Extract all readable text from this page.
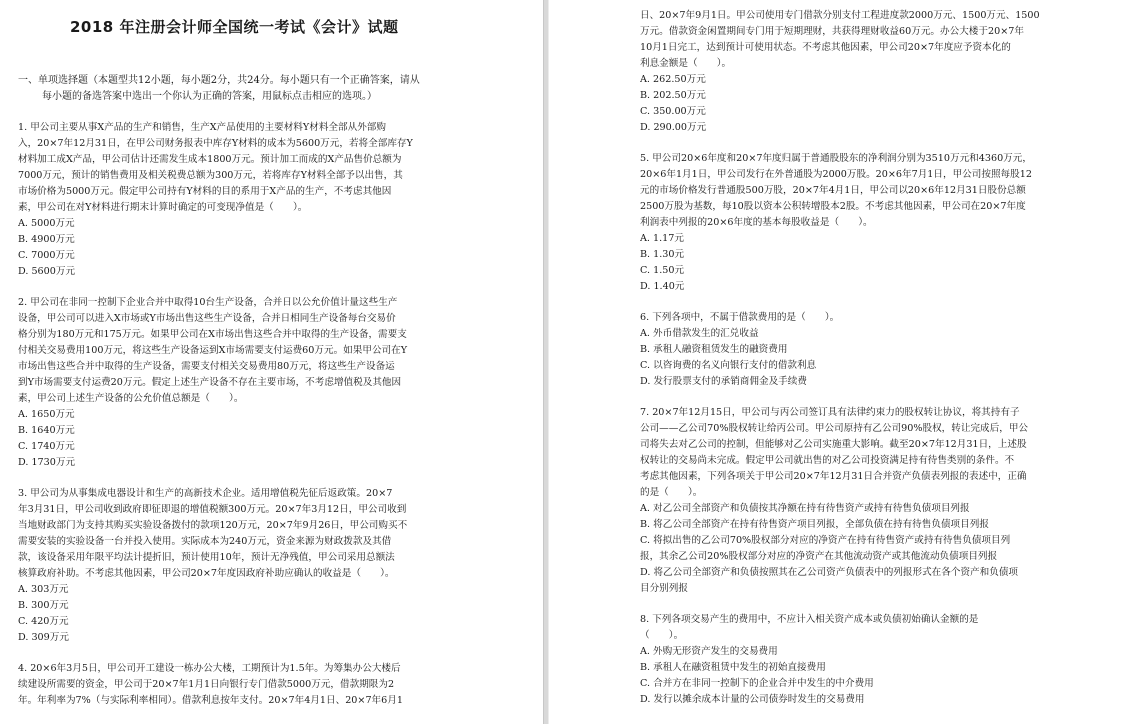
2018 年注册会计师全国统一考试《会计》试题
一、单项选择题（本题型共12小题，每小题2分，共24分。每小题只有一个正确答案，请从
每小题的备选答案中选出一个你认为正确的答案，用鼠标点击相应的选项。）
1. 甲公司主要从事X产品的生产和销售，生产X产品使用的主要材料Y材料全部从外部购
入，20×7年12月31日，在甲公司财务报表中库存Y材料的成本为5600万元，若将全部库存Y
材料加工成X产品，甲公司估计还需发生成本1800万元。预计加工而成的X产品售价总额为
7000万元，预计的销售费用及相关税费总额为300万元，若将库存Y材料全部予以出售，其
市场价格为5000万元。假定甲公司持有Y材料的目的系用于X产品的生产，不考虑其他因
素，甲公司在对Y材料进行期末计算时确定的可变现净值是（　　）。
A. 5000万元
B. 4900万元
C. 7000万元
D. 5600万元
2. 甲公司在非同一控制下企业合并中取得10台生产设备，合并日以公允价值计量这些生产
设备，甲公司可以进入X市场或Y市场出售这些生产设备，合并日相同生产设备每台交易价
格分别为180万元和175万元。如果甲公司在X市场出售这些合并中取得的生产设备，需要支
付相关交易费用100万元，将这些生产设备运到X市场需要支付运费60万元。如果甲公司在Y
市场出售这些合并中取得的生产设备，需要支付相关交易费用80万元，将这些生产设备运
到Y市场需要支付运费20万元。假定上述生产设备不存在主要市场，不考虑增值税及其他因
素，甲公司上述生产设备的公允价值总额是（　　）。
A. 1650万元
B. 1640万元
C. 1740万元
D. 1730万元
3. 甲公司为从事集成电器设计和生产的高新技术企业。适用增值税先征后返政策。20×7
年3月31日，甲公司收到政府即征即退的增值税额300万元。20×7年3月12日，甲公司收到
当地财政部门为支持其购买实验设备拨付的款项120万元，20×7年9月26日，甲公司购买不
需要安装的实验设备一台并投入使用。实际成本为240万元，资金来源为财政拨款及其借
款，该设备采用年限平均法计提折旧，预计使用10年，预计无净残值，甲公司采用总额法
核算政府补助。不考虑其他因素，甲公司20×7年度因政府补助应确认的收益是（　　）。
A. 303万元
B. 300万元
C. 420万元
D. 309万元
4. 20×6年3月5日，甲公司开工建设一栋办公大楼，工期预计为1.5年。为筹集办公大楼后
续建设所需要的资金，甲公司于20×7年1月1日向银行专门借款5000万元，借款期限为2
年。年利率为7%（与实际利率相同）。借款利息按年支付。20×7年4月1日、20×7年6月1
日、20×7年9月1日。甲公司使用专门借款分别支付工程进度款2000万元、1500万元、1500
万元。借款资金闲置期间专门用于短期理财，共获得理财收益60万元。办公大楼于20×7年
10月1日完工，达到预计可使用状态。不考虑其他因素，甲公司20×7年度应予资本化的
利息金额是（　　）。
A. 262.50万元
B. 202.50万元
C. 350.00万元
D. 290.00万元
5. 甲公司20×6年度和20×7年度归属于普通股股东的净利润分别为3510万元和4360万元，
20×6年1月1日，甲公司发行在外普通股为2000万股。20×6年7月1日，甲公司按照每股12
元的市场价格发行普通股500万股，20×7年4月1日，甲公司以20×6年12月31日股份总额
2500万股为基数，每10股以资本公积转增股本2股。不考虑其他因素，甲公司在20×7年度
利润表中列报的20×6年度的基本每股收益是（　　）。
A. 1.17元
B. 1.30元
C. 1.50元
D. 1.40元
6. 下列各项中，不属于借款费用的是（　　）。
A. 外币借款发生的汇兑收益
B. 承租人融资租赁发生的融资费用
C. 以咨询费的名义向银行支付的借款利息
D. 发行股票支付的承销商佣金及手续费
7. 20×7年12月15日，甲公司与丙公司签订具有法律约束力的股权转让协议，将其持有子
公司——乙公司70%股权转让给丙公司。甲公司原持有乙公司90%股权，转让完成后，甲公
司将失去对乙公司的控制，但能够对乙公司实施重大影响。截至20×7年12月31日，上述股
权转让的交易尚未完成。假定甲公司就出售的对乙公司投资满足持有待售类别的条件。不
考虑其他因素，下列各项关于甲公司20×7年12月31日合并资产负债表列报的表述中，正确
的是（　　）。
A. 对乙公司全部资产和负债按其净额在持有待售资产或持有待售负债项目列报
B. 将乙公司全部资产在持有待售资产项目列报，全部负债在持有待售负债项目列报
C. 将拟出售的乙公司70%股权部分对应的净资产在持有待售资产或持有待售负债项目列
报，其余乙公司20%股权部分对应的净资产在其他流动资产或其他流动负债项目列报
D. 将乙公司全部资产和负债按照其在乙公司资产负债表中的列报形式在各个资产和负债项
目分别列报
8. 下列各项交易产生的费用中，不应计入相关资产成本或负债初始确认金额的是
（　　）。
A. 外购无形资产发生的交易费用
B. 承租人在融资租赁中发生的初始直接费用
C. 合并方在非同一控制下的企业合并中发生的中介费用
D. 发行以摊余成本计量的公司债券时发生的交易费用
